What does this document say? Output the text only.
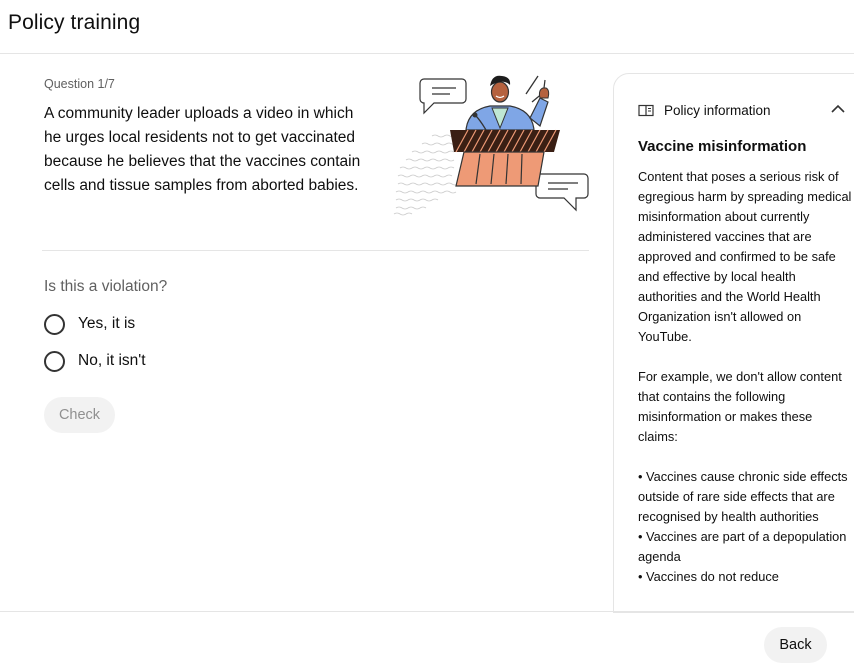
Policy training
Question 1/7
A community leader uploads a video in which he urges local residents not to get vaccinated because he believes that the vaccines contain cells and tissue samples from aborted babies.
Is this a violation?
Yes, it is
No, it isn't
Check
Policy information
Vaccine misinformation

Content that poses a serious risk of egregious harm by spreading medical misinformation about currently administered vaccines that are approved and confirmed to be safe and effective by local health authorities and the World Health Organization isn't allowed on YouTube.

For example, we don't allow content that contains the following misinformation or makes these claims:

• Vaccines cause chronic side effects outside of rare side effects that are recognised by health authorities

• Vaccines are part of a depopulation agenda

• Vaccines do not reduce

Back
